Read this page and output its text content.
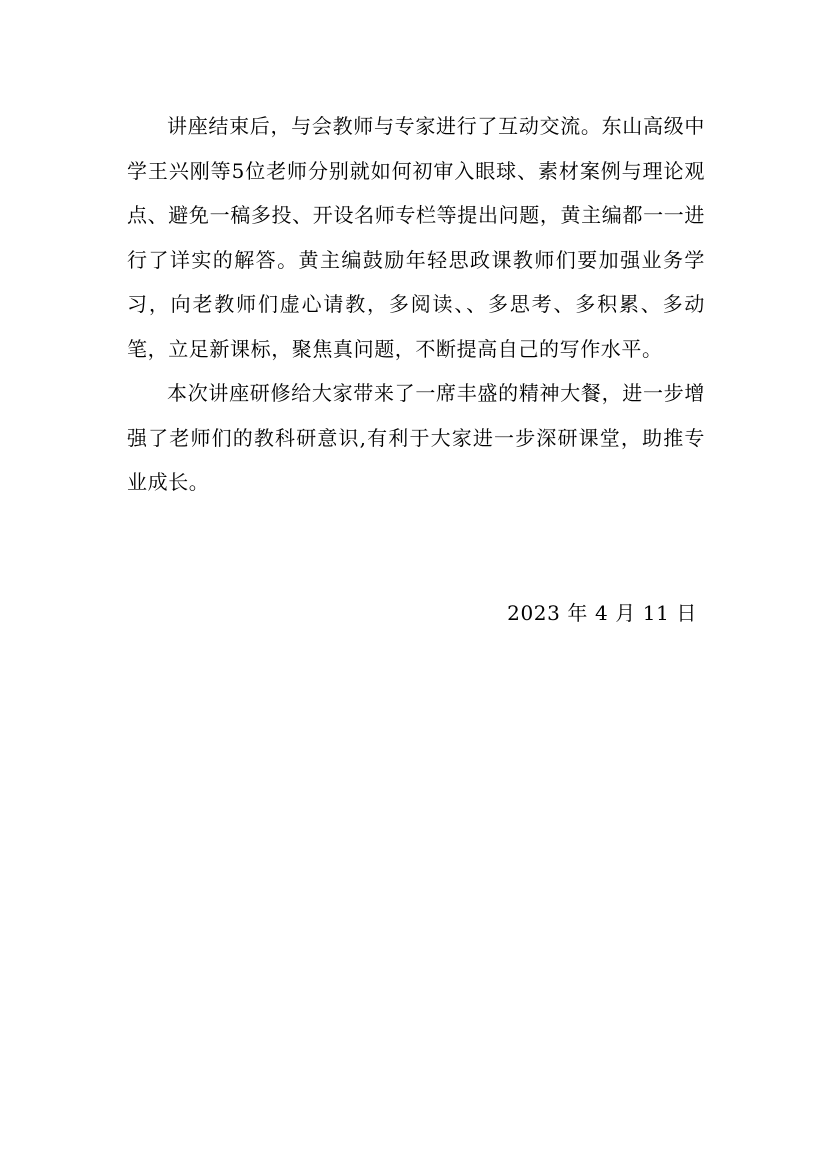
讲座结束后，与会教师与专家进行了互动交流。东山高级中学王兴刚等5位老师分别就如何初审入眼球、素材案例与理论观点、避免一稿多投、开设名师专栏等提出问题，黄主编都一一进行了详实的解答。黄主编鼓励年轻思政课教师们要加强业务学习，向老教师们虚心请教，多阅读、、多思考、多积累、多动笔，立足新课标，聚焦真问题，不断提高自己的写作水平。

本次讲座研修给大家带来了一席丰盛的精神大餐，进一步增强了老师们的教科研意识,有利于大家进一步深研课堂，助推专业成长。

2023 年 4 月 11 日
